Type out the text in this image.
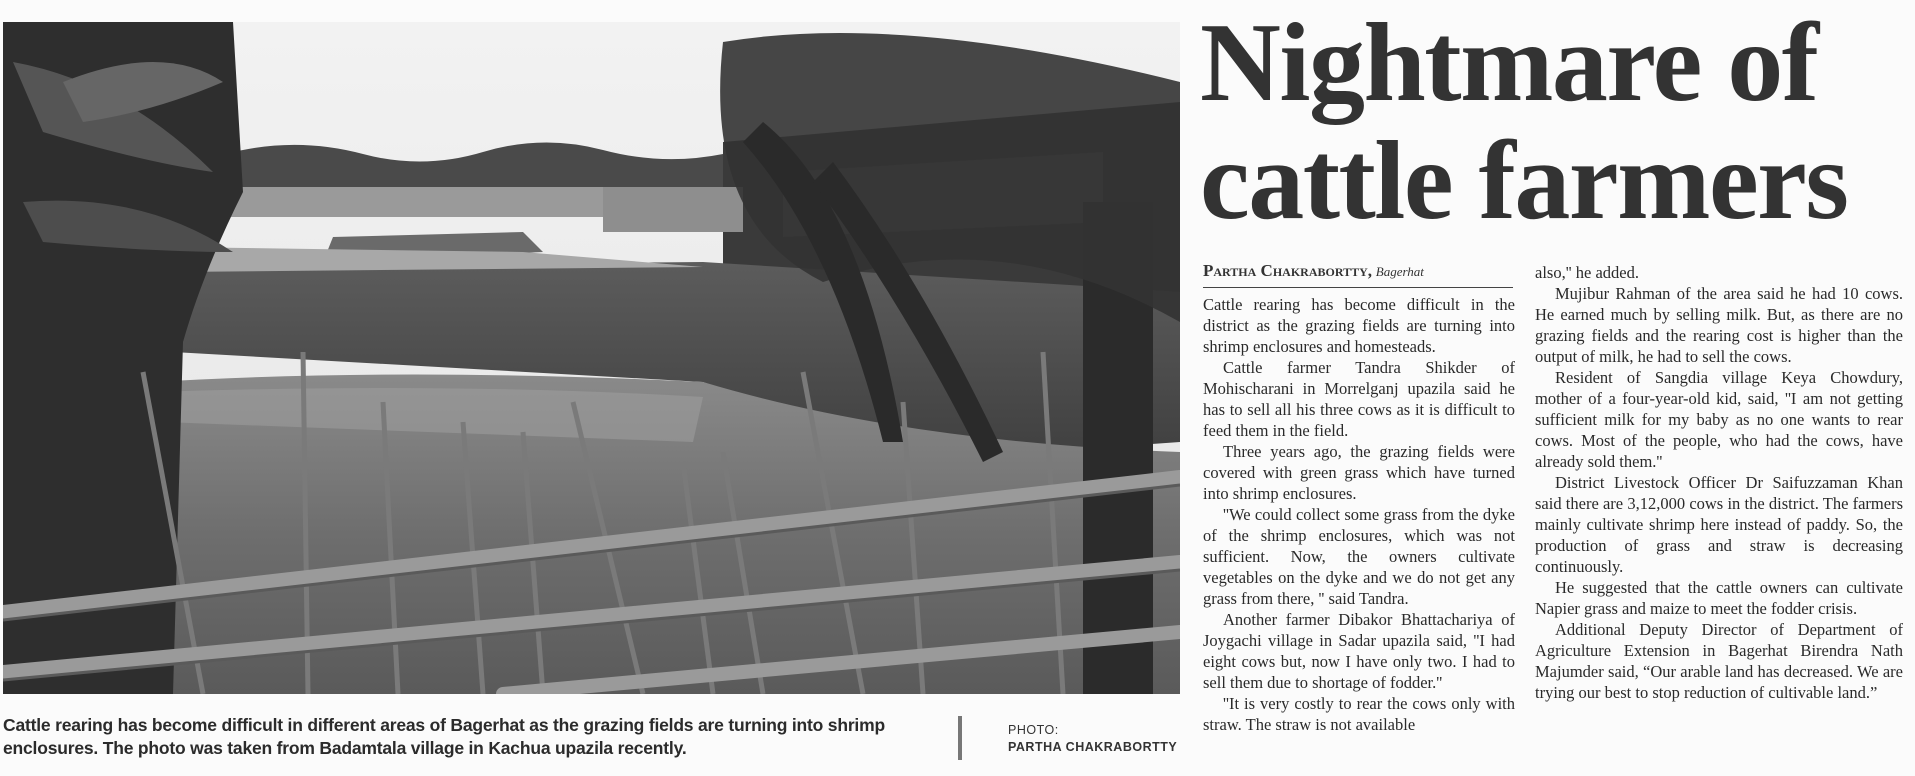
Cattle rearing has become difficult in different areas of Bagerhat as the grazing fields are turning into shrimp enclosures. The photo was taken from Badamtala village in Kachua upazila recently.
PHOTO:
PARTHA CHAKRABORTTY
Nightmare of
cattle farmers
Partha Chakrabortty, Bagerhat

Cattle rearing has become difficult in the district as the grazing fields are turning into shrimp enclosures and homesteads.

Cattle farmer Tandra Shikder of Mohischarani in Morrelganj upazila said he has to sell all his three cows as it is difficult to feed them in the field.

Three years ago, the grazing fields were covered with green grass which have turned into shrimp enclosures.

''We could collect some grass from the dyke of the shrimp enclosures, which was not sufficient. Now, the owners cultivate vegetables on the dyke and we do not get any grass from there, '' said Tandra.

Another farmer Dibakor Bhattachariya of Joygachi village in Sadar upazila said, ''I had eight cows but, now I have only two. I had to sell them due to shortage of fodder.''

''It is very costly to rear the cows only with straw. The straw is not available

also,'' he added.

Mujibur Rahman of the area said he had 10 cows. He earned much by selling milk. But, as there are no grazing fields and the rearing cost is higher than the output of milk, he had to sell the cows.

Resident of Sangdia village Keya Chowdury, mother of a four-year-old kid, said, ''I am not getting sufficient milk for my baby as no one wants to rear cows. Most of the people, who had the cows, have already sold them.''

District Livestock Officer Dr Saifuzzaman Khan said there are 3,12,000 cows in the district. The farmers mainly cultivate shrimp here instead of paddy. So, the production of grass and straw is decreasing continuously.

He suggested that the cattle owners can cultivate Napier grass and maize to meet the fodder crisis.

Additional Deputy Director of Department of Agriculture Extension in Bagerhat Birendra Nath Majumder said, “Our arable land has decreased. We are trying our best to stop reduction of cultivable land.”
